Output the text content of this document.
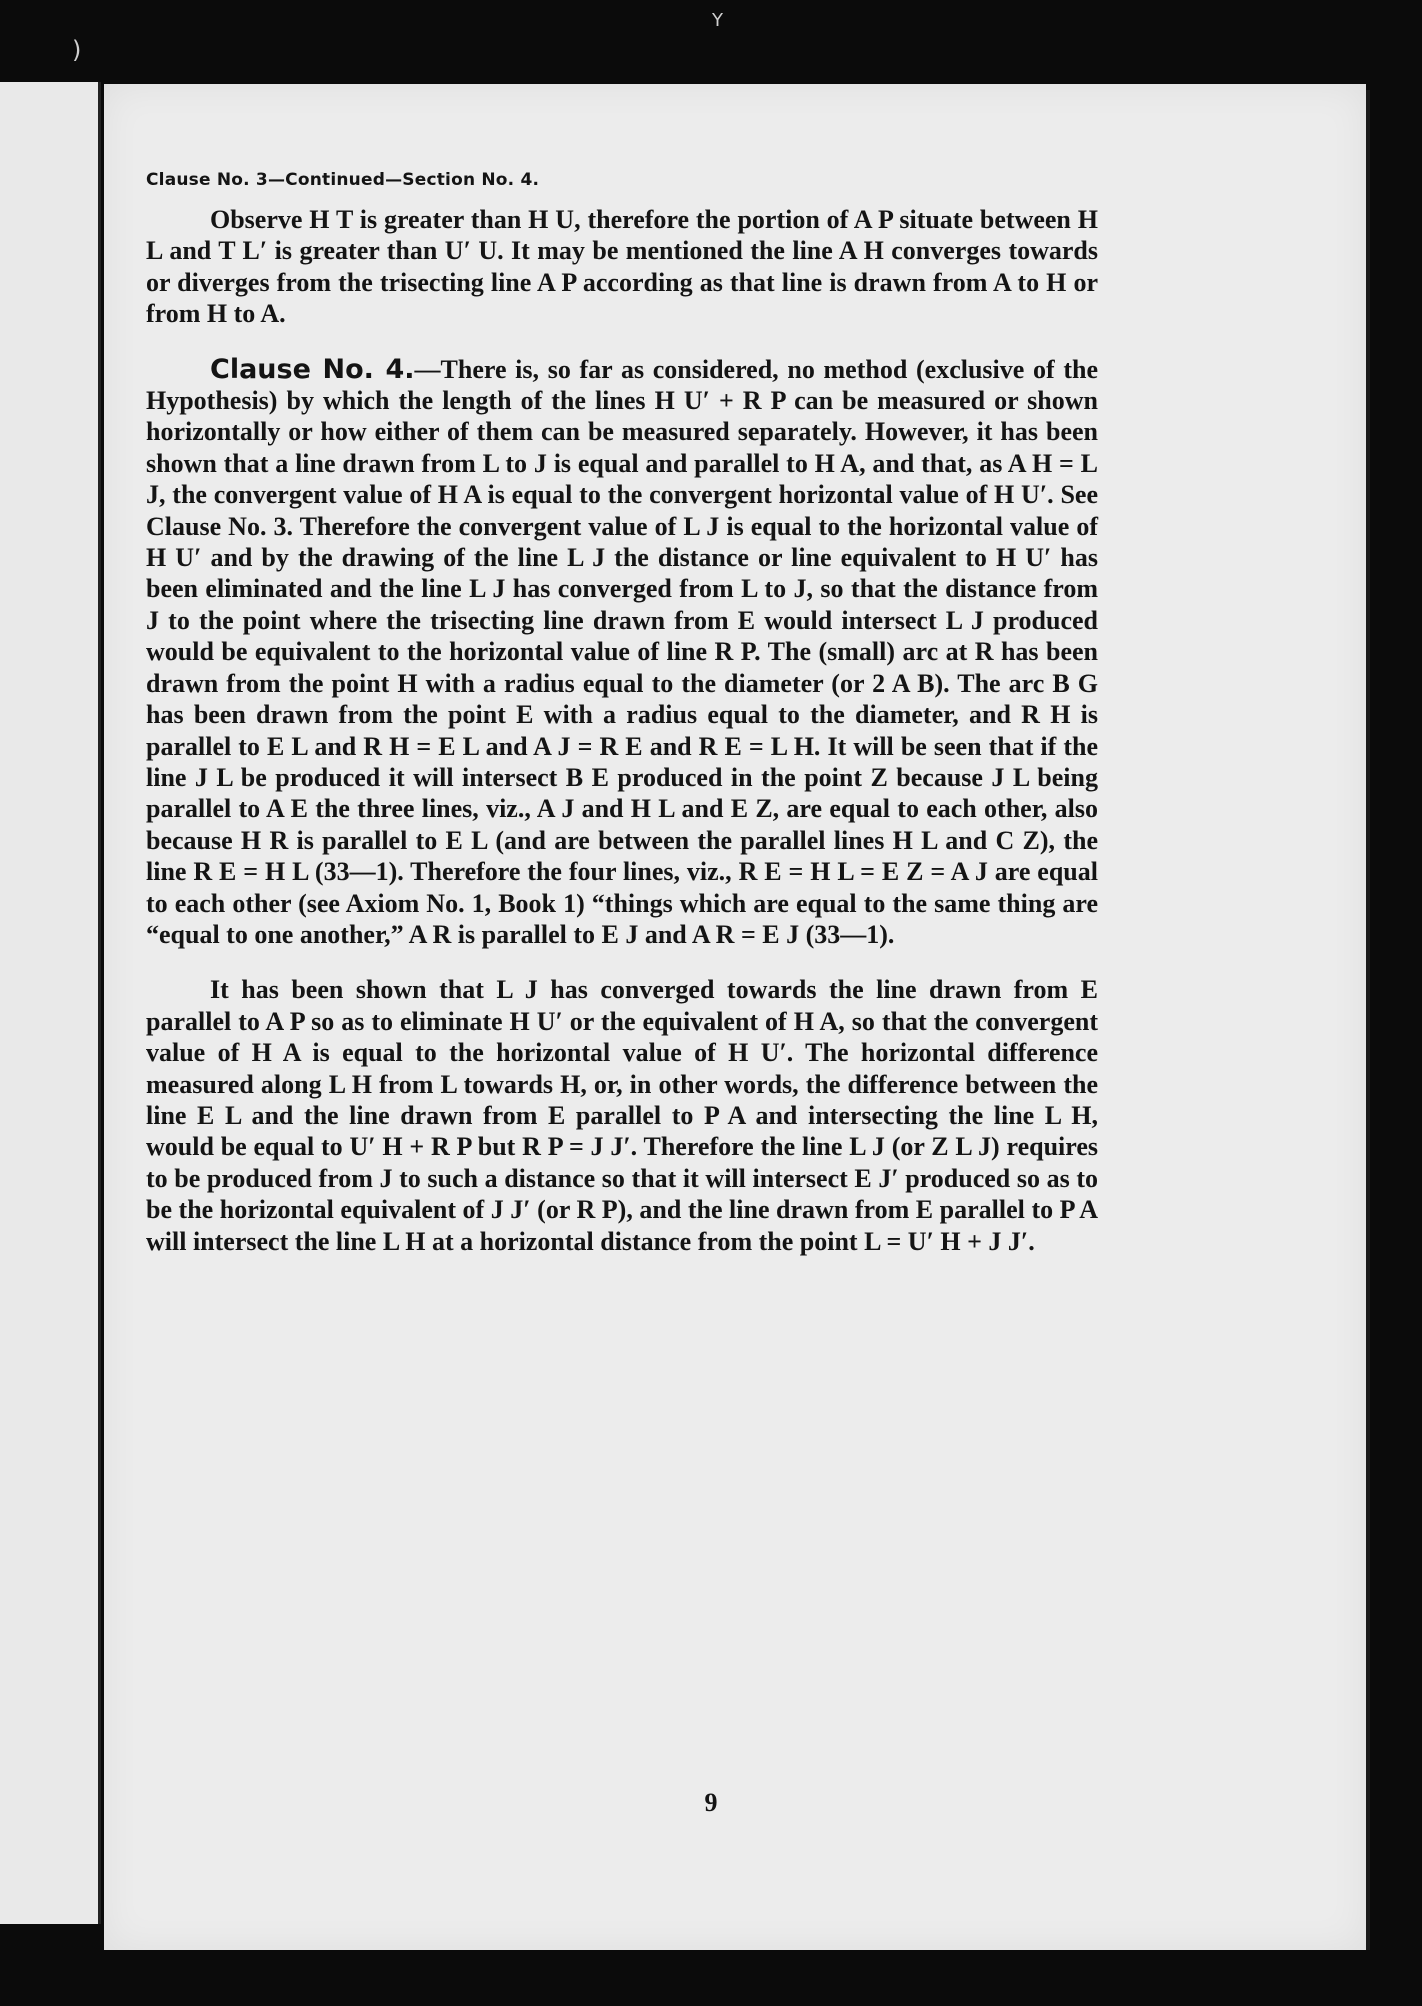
)
Y
Clause No. 3—Continued—Section No. 4.

Observe H T is greater than H U, therefore the portion of A P situate between H L and T L′ is greater than U′ U. It may be mentioned the line A H converges towards or diverges from the trisecting line A P according as that line is drawn from A to H or from H to A.

Clause No. 4.—There is, so far as considered, no method (exclusive of the Hypothesis) by which the length of the lines H U′ + R P can be measured or shown horizontally or how either of them can be measured separately. However, it has been shown that a line drawn from L to J is equal and parallel to H A, and that, as A H = L J, the convergent value of H A is equal to the convergent horizontal value of H U′. See Clause No. 3. Therefore the convergent value of L J is equal to the horizontal value of H U′ and by the drawing of the line L J the distance or line equivalent to H U′ has been eliminated and the line L J has converged from L to J, so that the distance from J to the point where the trisecting line drawn from E would intersect L J produced would be equivalent to the horizontal value of line R P. The (small) arc at R has been drawn from the point H with a radius equal to the diameter (or 2 A B). The arc B G has been drawn from the point E with a radius equal to the diameter, and R H is parallel to E L and R H = E L and A J = R E and R E = L H. It will be seen that if the line J L be produced it will intersect B E produced in the point Z because J L being parallel to A E the three lines, viz., A J and H L and E Z, are equal to each other, also because H R is parallel to E L (and are between the parallel lines H L and C Z), the line R E = H L (33—1). Therefore the four lines, viz., R E = H L = E Z = A J are equal to each other (see Axiom No. 1, Book 1) “things which are equal to the same thing are “equal to one another,” A R is parallel to E J and A R = E J (33—1).

It has been shown that L J has converged towards the line drawn from E parallel to A P so as to eliminate H U′ or the equivalent of H A, so that the convergent value of H A is equal to the horizontal value of H U′. The horizontal difference measured along L H from L towards H, or, in other words, the difference between the line E L and the line drawn from E parallel to P A and intersecting the line L H, would be equal to U′ H + R P but R P = J J′. Therefore the line L J (or Z L J) requires to be produced from J to such a distance so that it will intersect E J′ produced so as to be the horizontal equivalent of J J′ (or R P), and the line drawn from E parallel to P A will intersect the line L H at a horizontal distance from the point L = U′ H + J J′.

9
